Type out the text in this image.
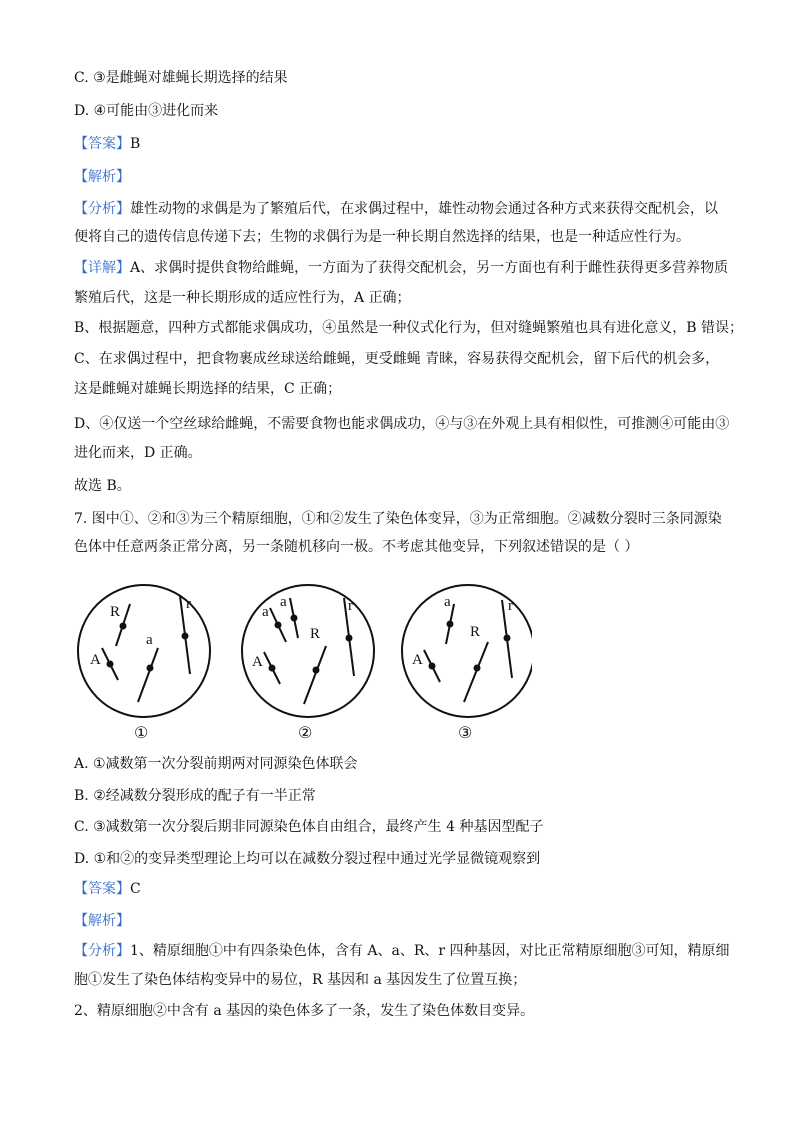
C. ③是雌蝇对雄蝇长期选择的结果
D. ④可能由③进化而来
【答案】B
【解析】
【分析】雄性动物的求偶是为了繁殖后代，在求偶过程中，雄性动物会通过各种方式来获得交配机会，以
便将自己的遗传信息传递下去；生物的求偶行为是一种长期自然选择的结果，也是一种适应性行为。
【详解】A、求偶时提供食物给雌蝇，一方面为了获得交配机会，另一方面也有利于雌性获得更多营养物质
繁殖后代，这是一种长期形成的适应性行为，A 正确；
B、根据题意，四种方式都能求偶成功，④虽然是一种仪式化行为，但对缝蝇繁殖也具有进化意义，B 错误；
C、在求偶过程中，把食物裹成丝球送给雌蝇，更受雌蝇 青睐，容易获得交配机会，留下后代的机会多，
这是雌蝇对雄蝇长期选择的结果，C 正确；
D、④仅送一个空丝球给雌蝇，不需要食物也能求偶成功，④与③在外观上具有相似性，可推测④可能由③
进化而来，D 正确。
故选 B。
7. 图中①、②和③为三个精原细胞，①和②发生了染色体变异，③为正常细胞。②减数分裂时三条同源染
色体中任意两条正常分离，另一条随机移向一极。不考虑其他变异，下列叙述错误的是（ ）
A. ①减数第一次分裂前期两对同源染色体联会
B. ②经减数分裂形成的配子有一半正常
C. ③减数第一次分裂后期非同源染色体自由组合，最终产生 4 种基因型配子
D. ①和②的变异类型理论上均可以在减数分裂过程中通过光学显微镜观察到
【答案】C
【解析】
【分析】1、精原细胞①中有四条染色体，含有 A、a、R、r 四种基因，对比正常精原细胞③可知，精原细
胞①发生了染色体结构变异中的易位，R 基因和 a 基因发生了位置互换；
2、精原细胞②中含有 a 基因的染色体多了一条，发生了染色体数目变异。
R
A
a
r
①
a
a
A
R
r
②
a
A
R
r
③
